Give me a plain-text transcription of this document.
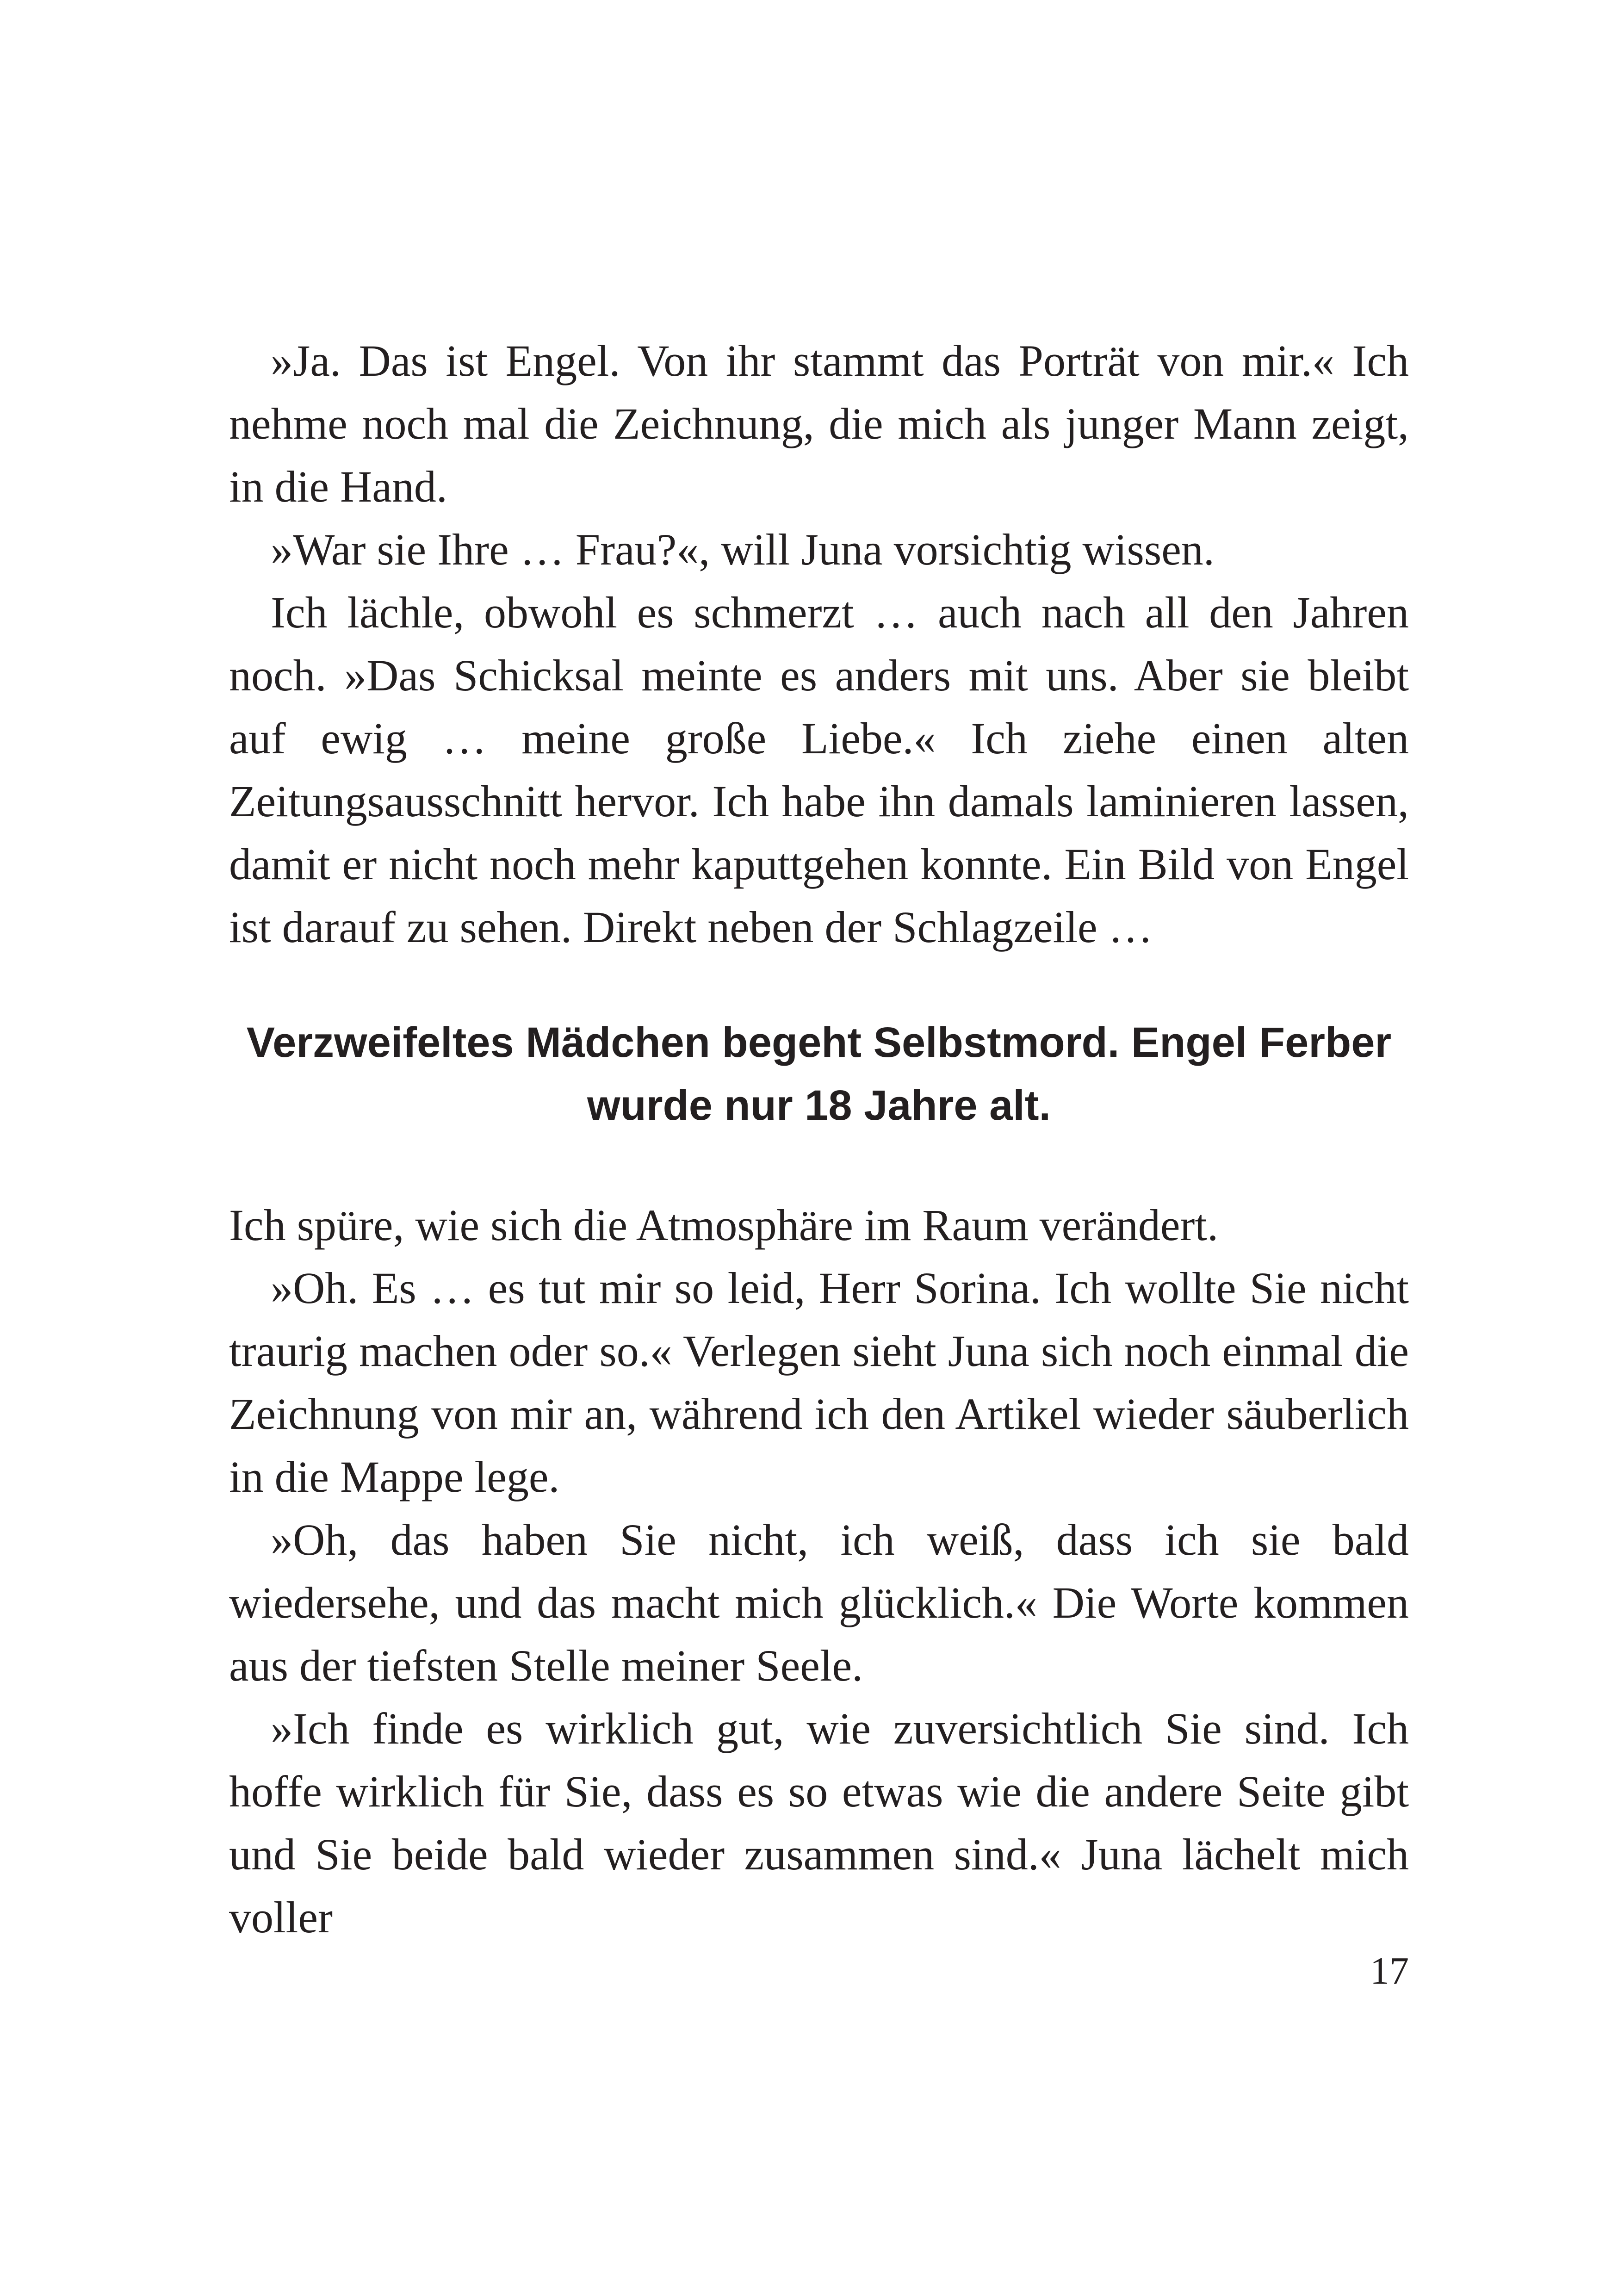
»Ja. Das ist Engel. Von ihr stammt das Porträt von mir.« Ich nehme noch mal die Zeichnung, die mich als junger Mann zeigt, in die Hand.

»War sie Ihre … Frau?«, will Juna vorsichtig wissen.

Ich lächle, obwohl es schmerzt … auch nach all den Jahren noch. »Das Schicksal meinte es anders mit uns. Aber sie bleibt auf ewig … meine große Liebe.« Ich ziehe einen alten Zeitungsausschnitt hervor. Ich habe ihn damals laminieren lassen, damit er nicht noch mehr kaputtgehen konnte. Ein Bild von Engel ist darauf zu sehen. Direkt neben der Schlagzeile …

Verzweifeltes Mädchen begeht Selbstmord. Engel Ferber wurde nur 18 Jahre alt.

Ich spüre, wie sich die Atmosphäre im Raum verändert.

»Oh. Es … es tut mir so leid, Herr Sorina. Ich wollte Sie nicht traurig machen oder so.« Verlegen sieht Juna sich noch einmal die Zeichnung von mir an, während ich den Artikel wieder säuberlich in die Mappe lege.

»Oh, das haben Sie nicht, ich weiß, dass ich sie bald wiedersehe, und das macht mich glücklich.« Die Worte kommen aus der tiefsten Stelle meiner Seele.

»Ich finde es wirklich gut, wie zuversichtlich Sie sind. Ich hoffe wirklich für Sie, dass es so etwas wie die andere Seite gibt und Sie beide bald wieder zusammen sind.« Juna lächelt mich voller

17
